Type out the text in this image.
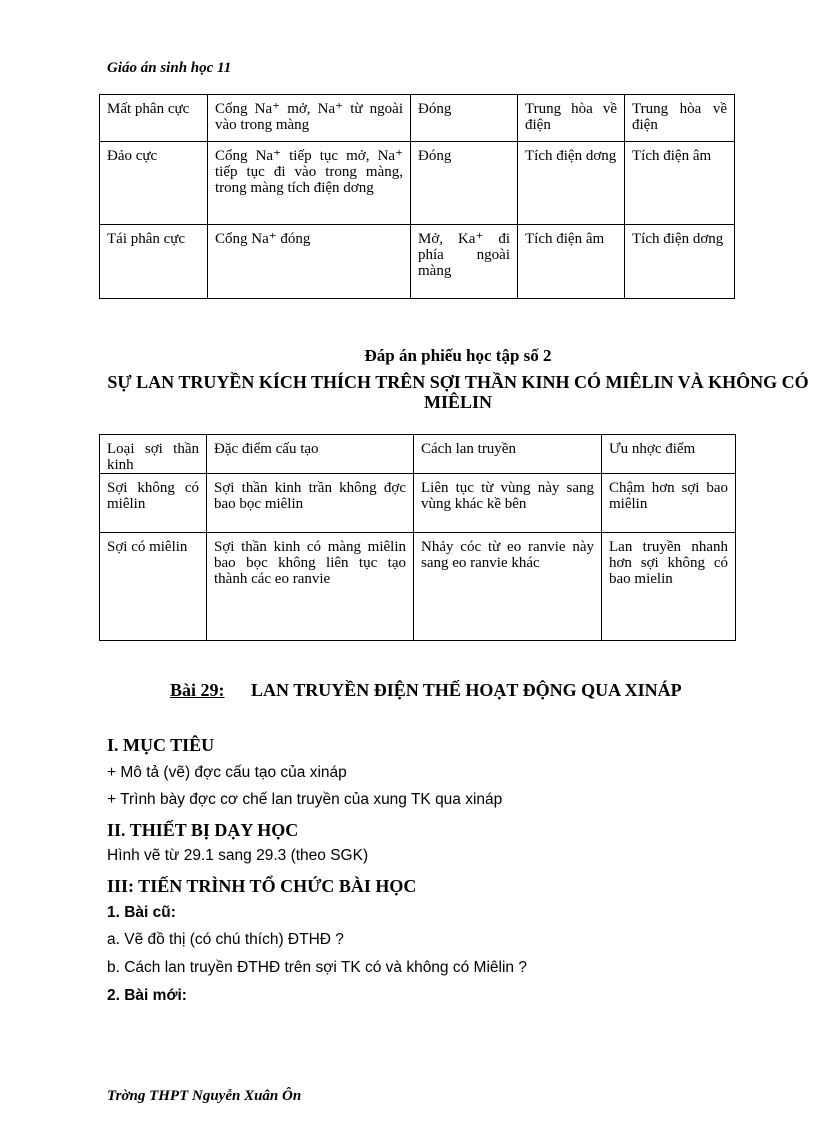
Giáo án sinh học 11
Mất phân cực	Cổng Na⁺ mở, Na⁺ từ ngoài vào trong màng	Đóng	Trung hòa về điện	Trung hòa về điện
Đảo cực	Cổng Na⁺ tiếp tục mở, Na⁺ tiếp tục đi vào trong màng, trong màng tích điện dơng	Đóng	Tích điện dơng	Tích điện âm
Tái phân cực	Cổng Na⁺ đóng	Mở, Ka⁺ đi phía ngoài màng	Tích điện âm	Tích điện dơng
Đáp án phiếu học tập số 2
SỰ LAN TRUYỀN KÍCH THÍCH TRÊN SỢI THẦN KINH CÓ MIÊLIN VÀ KHÔNG CÓ MIÊLIN
Loại sợi thần kinh	Đặc điểm cấu tạo	Cách lan truyền	Ưu nhợc điểm
Sợi không có miêlin	Sợi thần kinh trần không đợc bao bọc miêlin	Liên tục từ vùng này sang vùng khác kề bên	Chậm hơn sợi bao miêlin
Sợi có miêlin	Sợi thần kinh có màng miêlin bao bọc không liên tục tạo thành các eo ranvie	Nhảy cóc từ eo ranvie này sang eo ranvie khác	Lan truyền nhanh hơn sợi không có bao mielin
Bài 29: LAN TRUYỀN ĐIỆN THẾ HOẠT ĐỘNG QUA XINÁP
I. MỤC TIÊU
+ Mô tả (vẽ) đợc cấu tạo của xináp
+ Trình bày đợc cơ chế lan truyền của xung TK qua xináp
II. THIẾT BỊ DẠY HỌC
Hình vẽ từ 29.1 sang 29.3 (theo SGK)
III: TIẾN TRÌNH TỔ CHỨC BÀI HỌC
1. Bài cũ:
a. Vẽ đồ thị (có chú thích) ĐTHĐ ?
b. Cách lan truyền ĐTHĐ trên sợi TK có và không có Miêlin ?
2. Bài mới:
Trờng THPT Nguyễn Xuân Ôn
